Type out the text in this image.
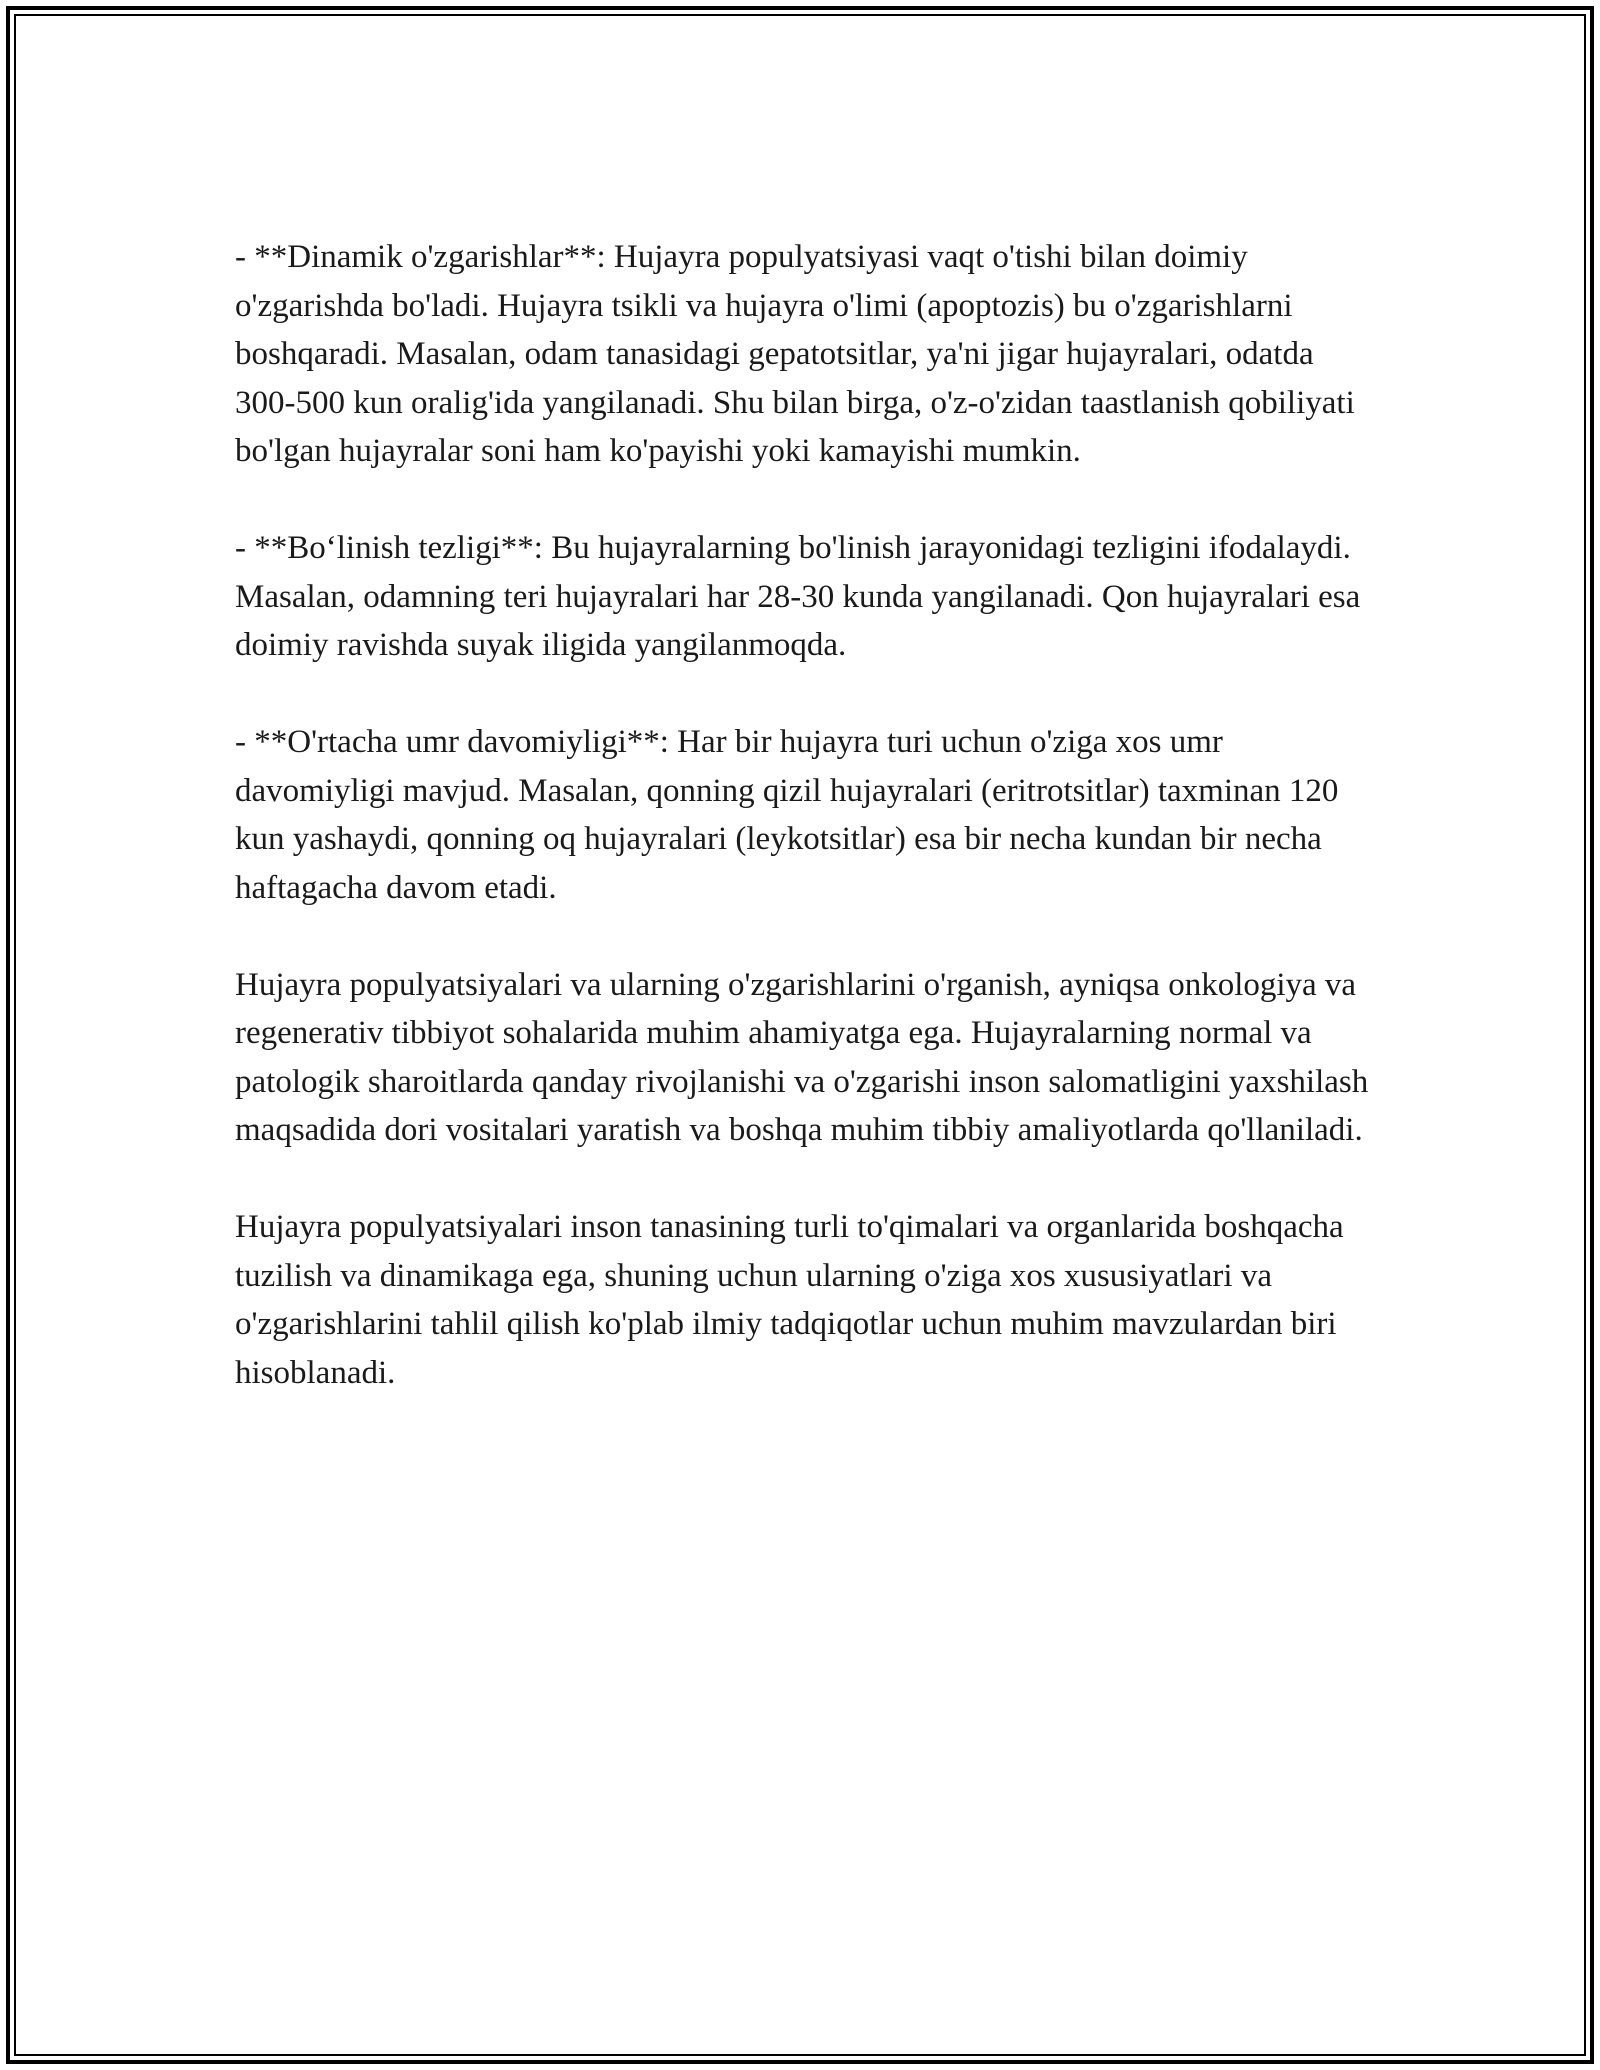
- **Dinamik o'zgarishlar**: Hujayra populyatsiyasi vaqt o'tishi bilan doimiy o'zgarishda bo'ladi. Hujayra tsikli va hujayra o'limi (apoptozis) bu o'zgarishlarni boshqaradi. Masalan, odam tanasidagi gepatotsitlar, ya'ni jigar hujayralari, odatda 300-500 kun oralig'ida yangilanadi. Shu bilan birga, o'z-o'zidan taastlanish qobiliyati bo'lgan hujayralar soni ham ko'payishi yoki kamayishi mumkin.

- **Bo‘linish tezligi**: Bu hujayralarning bo'linish jarayonidagi tezligini ifodalaydi. Masalan, odamning teri hujayralari har 28-30 kunda yangilanadi. Qon hujayralari esa doimiy ravishda suyak iligida yangilanmoqda.

- **O'rtacha umr davomiyligi**: Har bir hujayra turi uchun o'ziga xos umr davomiyligi mavjud. Masalan, qonning qizil hujayralari (eritrotsitlar) taxminan 120 kun yashaydi, qonning oq hujayralari (leykotsitlar) esa bir necha kundan bir necha haftagacha davom etadi.

Hujayra populyatsiyalari va ularning o'zgarishlarini o'rganish, ayniqsa onkologiya va regenerativ tibbiyot sohalarida muhim ahamiyatga ega. Hujayralarning normal va patologik sharoitlarda qanday rivojlanishi va o'zgarishi inson salomatligini yaxshilash maqsadida dori vositalari yaratish va boshqa muhim tibbiy amaliyotlarda qo'llaniladi.

Hujayra populyatsiyalari inson tanasining turli to'qimalari va organlarida boshqacha tuzilish va dinamikaga ega, shuning uchun ularning o'ziga xos xususiyatlari va o'zgarishlarini tahlil qilish ko'plab ilmiy tadqiqotlar uchun muhim mavzulardan biri hisoblanadi.
